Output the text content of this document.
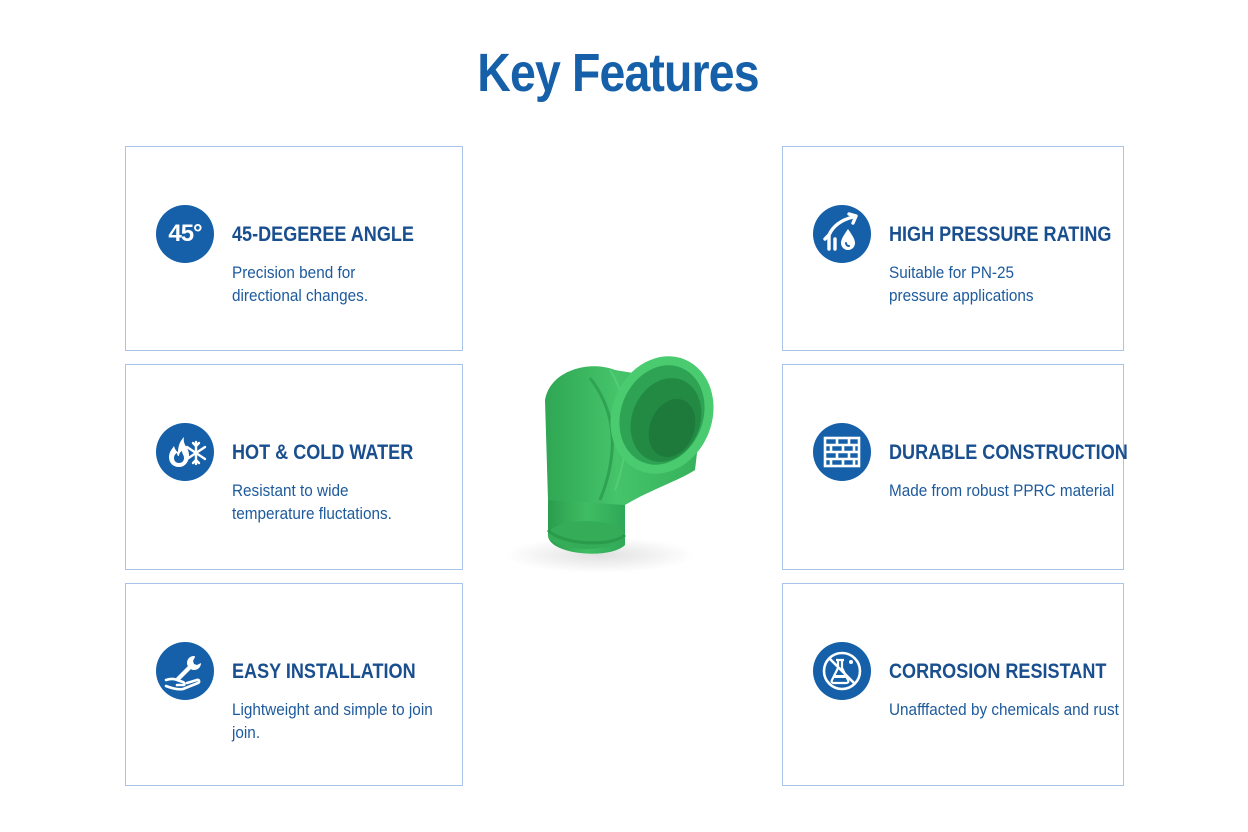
Key Features
45° 45-DEGEREE ANGLE
Precision bend for
directional changes.
HOT & COLD WATER
Resistant to wide
temperature fluctations.
EASY INSTALLATION
Lightweight and simple to join
join.
HIGH PRESSURE RATING
Suitable for PN-25
pressure applications
DURABLE CONSTRUCTION
Made from robust PPRC material
CORROSION RESISTANT
Unafffacted by chemicals and rust
